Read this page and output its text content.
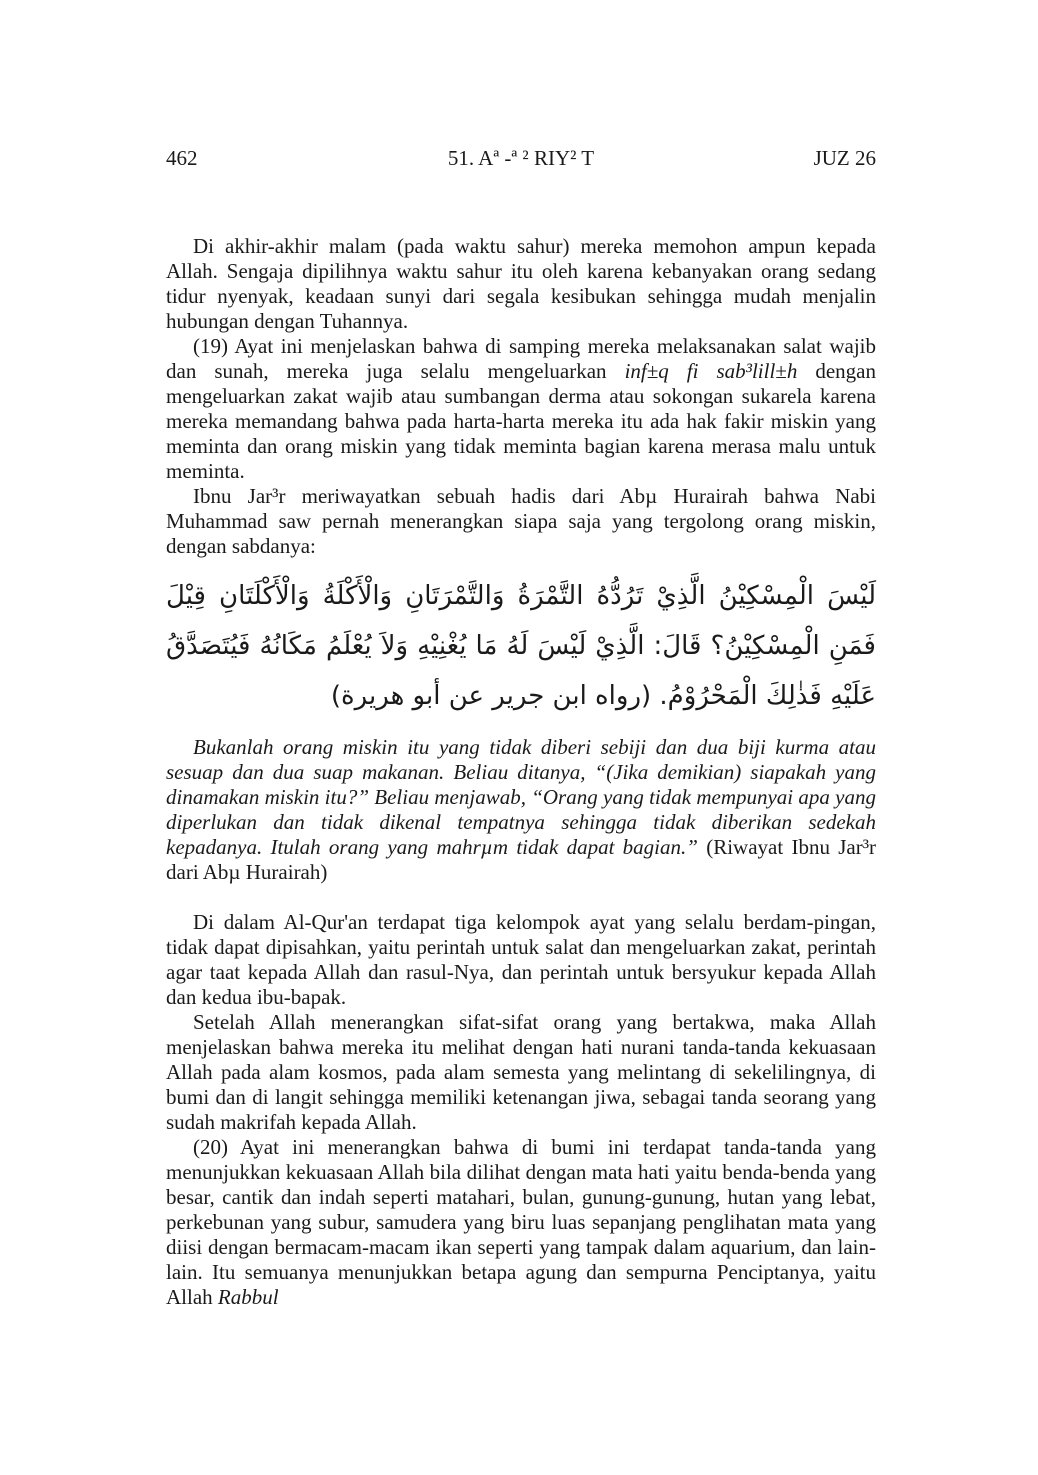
462	51. Aª -ª ² RIY² T	JUZ 26

Di akhir-akhir malam (pada waktu sahur) mereka memohon ampun kepada Allah. Sengaja dipilihnya waktu sahur itu oleh karena kebanyakan orang sedang tidur nyenyak, keadaan sunyi dari segala kesibukan sehingga mudah menjalin hubungan dengan Tuhannya.

(19) Ayat ini menjelaskan bahwa di samping mereka melaksanakan salat wajib dan sunah, mereka juga selalu mengeluarkan inf±q fi sab³lill±h dengan mengeluarkan zakat wajib atau sumbangan derma atau sokongan sukarela karena mereka memandang bahwa pada harta-harta mereka itu ada hak fakir miskin yang meminta dan orang miskin yang tidak meminta bagian karena merasa malu untuk meminta.

Ibnu Jar³r meriwayatkan sebuah hadis dari Abµ Hurairah bahwa Nabi Muhammad saw pernah menerangkan siapa saja yang tergolong orang miskin, dengan sabdanya:

لَيْسَ الْمِسْكِيْنُ الَّذِيْ تَرُدُّهُ التَّمْرَةُ وَالتَّمْرَتَانِ وَالْأَكْلَةُ وَالْأَكْلَتَانِ قِيْلَ فَمَنِ الْمِسْكِيْنُ؟ قَالَ: الَّذِيْ لَيْسَ لَهُ مَا يُغْنِيْهِ وَلاَ يُعْلَمُ مَكَانُهُ فَيُتَصَدَّقُ عَلَيْهِ فَذٰلِكَ الْمَحْرُوْمُ. (رواه ابن جرير عن أبو هريرة)

Bukanlah orang miskin itu yang tidak diberi sebiji dan dua biji kurma atau sesuap dan dua suap makanan. Beliau ditanya, “(Jika demikian) siapakah yang dinamakan miskin itu?” Beliau menjawab, “Orang yang tidak mempunyai apa yang diperlukan dan tidak dikenal tempatnya sehingga tidak diberikan sedekah kepadanya. Itulah orang yang mahrµm tidak dapat bagian.” (Riwayat Ibnu Jar³r dari Abµ Hurairah)

Di dalam Al-Qur'an terdapat tiga kelompok ayat yang selalu berdam-pingan, tidak dapat dipisahkan, yaitu perintah untuk salat dan mengeluarkan zakat, perintah agar taat kepada Allah dan rasul-Nya, dan perintah untuk bersyukur kepada Allah dan kedua ibu-bapak.

Setelah Allah menerangkan sifat-sifat orang yang bertakwa, maka Allah menjelaskan bahwa mereka itu melihat dengan hati nurani tanda-tanda kekuasaan Allah pada alam kosmos, pada alam semesta yang melintang di sekelilingnya, di bumi dan di langit sehingga memiliki ketenangan jiwa, sebagai tanda seorang yang sudah makrifah kepada Allah.

(20) Ayat ini menerangkan bahwa di bumi ini terdapat tanda-tanda yang menunjukkan kekuasaan Allah bila dilihat dengan mata hati yaitu benda-benda yang besar, cantik dan indah seperti matahari, bulan, gunung-gunung, hutan yang lebat, perkebunan yang subur, samudera yang biru luas sepanjang penglihatan mata yang diisi dengan bermacam-macam ikan seperti yang tampak dalam aquarium, dan lain-lain. Itu semuanya menunjukkan betapa agung dan sempurna Penciptanya, yaitu Allah Rabbul
